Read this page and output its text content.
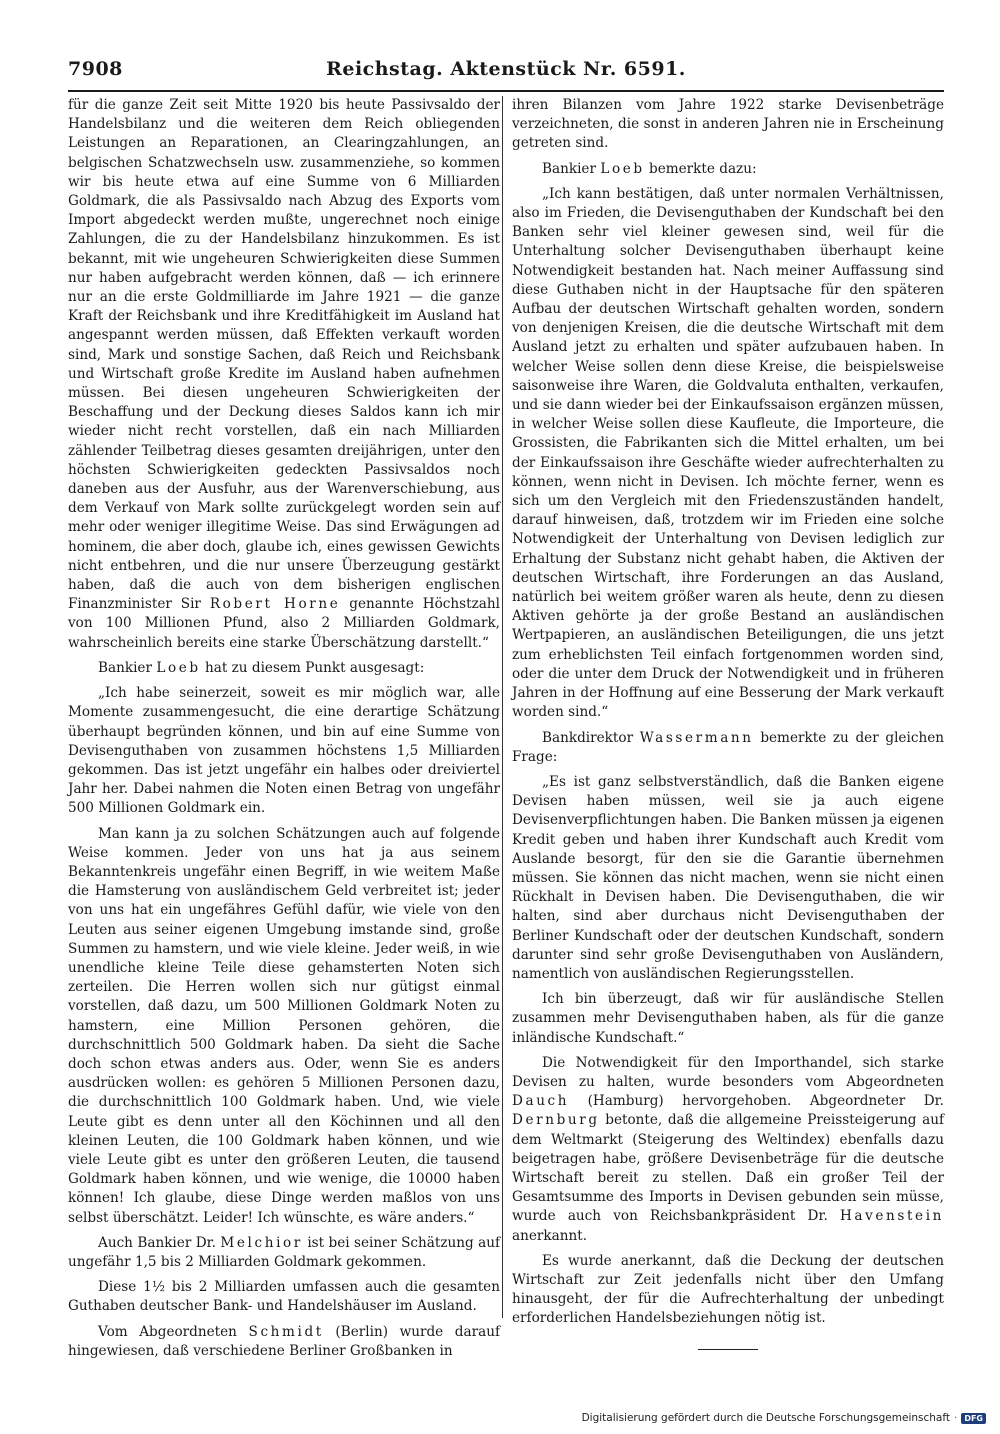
7908	Reichstag. Aktenstück Nr. 6591.

für die ganze Zeit seit Mitte 1920 bis heute Passivsaldo der Handelsbilanz und die weiteren dem Reich obliegenden Leistungen an Reparationen, an Clearingzahlungen, an belgischen Schatzwechseln usw. zusammenziehe, so kommen wir bis heute etwa auf eine Summe von 6 Milliarden Goldmark, die als Passivsaldo nach Abzug des Exports vom Import abgedeckt werden mußte, ungerechnet noch einige Zahlungen, die zu der Handelsbilanz hinzukommen. Es ist bekannt, mit wie ungeheuren Schwierigkeiten diese Summen nur haben aufgebracht werden können, daß — ich erinnere nur an die erste Goldmilliarde im Jahre 1921 — die ganze Kraft der Reichsbank und ihre Kreditfähigkeit im Ausland hat angespannt werden müssen, daß Effekten verkauft worden sind, Mark und sonstige Sachen, daß Reich und Reichsbank und Wirtschaft große Kredite im Ausland haben aufnehmen müssen. Bei diesen ungeheuren Schwierigkeiten der Beschaffung und der Deckung dieses Saldos kann ich mir wieder nicht recht vorstellen, daß ein nach Milliarden zählender Teilbetrag dieses gesamten dreijährigen, unter den höchsten Schwierigkeiten gedeckten Passivsaldos noch daneben aus der Ausfuhr, aus der Warenverschiebung, aus dem Verkauf von Mark sollte zurückgelegt worden sein auf mehr oder weniger illegitime Weise. Das sind Erwägungen ad hominem, die aber doch, glaube ich, eines gewissen Gewichts nicht entbehren, und die nur unsere Überzeugung gestärkt haben, daß die auch von dem bisherigen englischen Finanzminister Sir Robert Horne genannte Höchstzahl von 100 Millionen Pfund, also 2 Milliarden Goldmark, wahrscheinlich bereits eine starke Überschätzung darstellt.“

Bankier Loeb hat zu diesem Punkt ausgesagt:

„Ich habe seinerzeit, soweit es mir möglich war, alle Momente zusammengesucht, die eine derartige Schätzung überhaupt begründen können, und bin auf eine Summe von Devisenguthaben von zusammen höchstens 1,5 Milliarden gekommen. Das ist jetzt ungefähr ein halbes oder dreiviertel Jahr her. Dabei nahmen die Noten einen Betrag von ungefähr 500 Millionen Goldmark ein.

Man kann ja zu solchen Schätzungen auch auf folgende Weise kommen. Jeder von uns hat ja aus seinem Bekanntenkreis ungefähr einen Begriff, in wie weitem Maße die Hamsterung von ausländischem Geld verbreitet ist; jeder von uns hat ein ungefähres Gefühl dafür, wie viele von den Leuten aus seiner eigenen Umgebung imstande sind, große Summen zu hamstern, und wie viele kleine. Jeder weiß, in wie unendliche kleine Teile diese gehamsterten Noten sich zerteilen. Die Herren wollen sich nur gütigst einmal vorstellen, daß dazu, um 500 Millionen Goldmark Noten zu hamstern, eine Million Personen gehören, die durchschnittlich 500 Goldmark haben. Da sieht die Sache doch schon etwas anders aus. Oder, wenn Sie es anders ausdrücken wollen: es gehören 5 Millionen Personen dazu, die durchschnittlich 100 Goldmark haben. Und, wie viele Leute gibt es denn unter all den Köchinnen und all den kleinen Leuten, die 100 Goldmark haben können, und wie viele Leute gibt es unter den größeren Leuten, die tausend Goldmark haben können, und wie wenige, die 10000 haben können! Ich glaube, diese Dinge werden maßlos von uns selbst überschätzt. Leider! Ich wünschte, es wäre anders.“

Auch Bankier Dr. Melchior ist bei seiner Schätzung auf ungefähr 1,5 bis 2 Milliarden Goldmark gekommen.

Diese 1½ bis 2 Milliarden umfassen auch die gesamten Guthaben deutscher Bank- und Handelshäuser im Ausland.

Vom Abgeordneten Schmidt (Berlin) wurde darauf hingewiesen, daß verschiedene Berliner Großbanken in

ihren Bilanzen vom Jahre 1922 starke Devisenbeträge verzeichneten, die sonst in anderen Jahren nie in Erscheinung getreten sind.

Bankier Loeb bemerkte dazu:

„Ich kann bestätigen, daß unter normalen Verhältnissen, also im Frieden, die Devisenguthaben der Kundschaft bei den Banken sehr viel kleiner gewesen sind, weil für die Unterhaltung solcher Devisenguthaben überhaupt keine Notwendigkeit bestanden hat. Nach meiner Auffassung sind diese Guthaben nicht in der Hauptsache für den späteren Aufbau der deutschen Wirtschaft gehalten worden, sondern von denjenigen Kreisen, die die deutsche Wirtschaft mit dem Ausland jetzt zu erhalten und später aufzubauen haben. In welcher Weise sollen denn diese Kreise, die beispielsweise saisonweise ihre Waren, die Goldvaluta enthalten, verkaufen, und sie dann wieder bei der Einkaufssaison ergänzen müssen, in welcher Weise sollen diese Kaufleute, die Importeure, die Grossisten, die Fabrikanten sich die Mittel erhalten, um bei der Einkaufssaison ihre Geschäfte wieder aufrechterhalten zu können, wenn nicht in Devisen. Ich möchte ferner, wenn es sich um den Vergleich mit den Friedenszuständen handelt, darauf hinweisen, daß, trotzdem wir im Frieden eine solche Notwendigkeit der Unterhaltung von Devisen lediglich zur Erhaltung der Substanz nicht gehabt haben, die Aktiven der deutschen Wirtschaft, ihre Forderungen an das Ausland, natürlich bei weitem größer waren als heute, denn zu diesen Aktiven gehörte ja der große Bestand an ausländischen Wertpapieren, an ausländischen Beteiligungen, die uns jetzt zum erheblichsten Teil einfach fortgenommen worden sind, oder die unter dem Druck der Notwendigkeit und in früheren Jahren in der Hoffnung auf eine Besserung der Mark verkauft worden sind.“

Bankdirektor Wassermann bemerkte zu der gleichen Frage:

„Es ist ganz selbstverständlich, daß die Banken eigene Devisen haben müssen, weil sie ja auch eigene Devisenverpflichtungen haben. Die Banken müssen ja eigenen Kredit geben und haben ihrer Kundschaft auch Kredit vom Auslande besorgt, für den sie die Garantie übernehmen müssen. Sie können das nicht machen, wenn sie nicht einen Rückhalt in Devisen haben. Die Devisenguthaben, die wir halten, sind aber durchaus nicht Devisenguthaben der Berliner Kundschaft oder der deutschen Kundschaft, sondern darunter sind sehr große Devisenguthaben von Ausländern, namentlich von ausländischen Regierungsstellen.

Ich bin überzeugt, daß wir für ausländische Stellen zusammen mehr Devisenguthaben haben, als für die ganze inländische Kundschaft.“

Die Notwendigkeit für den Importhandel, sich starke Devisen zu halten, wurde besonders vom Abgeordneten Dauch (Hamburg) hervorgehoben. Abgeordneter Dr. Dernburg betonte, daß die allgemeine Preissteigerung auf dem Weltmarkt (Steigerung des Weltindex) ebenfalls dazu beigetragen habe, größere Devisenbeträge für die deutsche Wirtschaft bereit zu stellen. Daß ein großer Teil der Gesamtsumme des Imports in Devisen gebunden sein müsse, wurde auch von Reichsbankpräsident Dr. Havenstein anerkannt.

Es wurde anerkannt, daß die Deckung der deutschen Wirtschaft zur Zeit jedenfalls nicht über den Umfang hinausgeht, der für die Aufrechterhaltung der unbedingt erforderlichen Handelsbeziehungen nötig ist.

Digitalisierung gefördert durch die Deutsche Forschungsgemeinschaft · DFG
